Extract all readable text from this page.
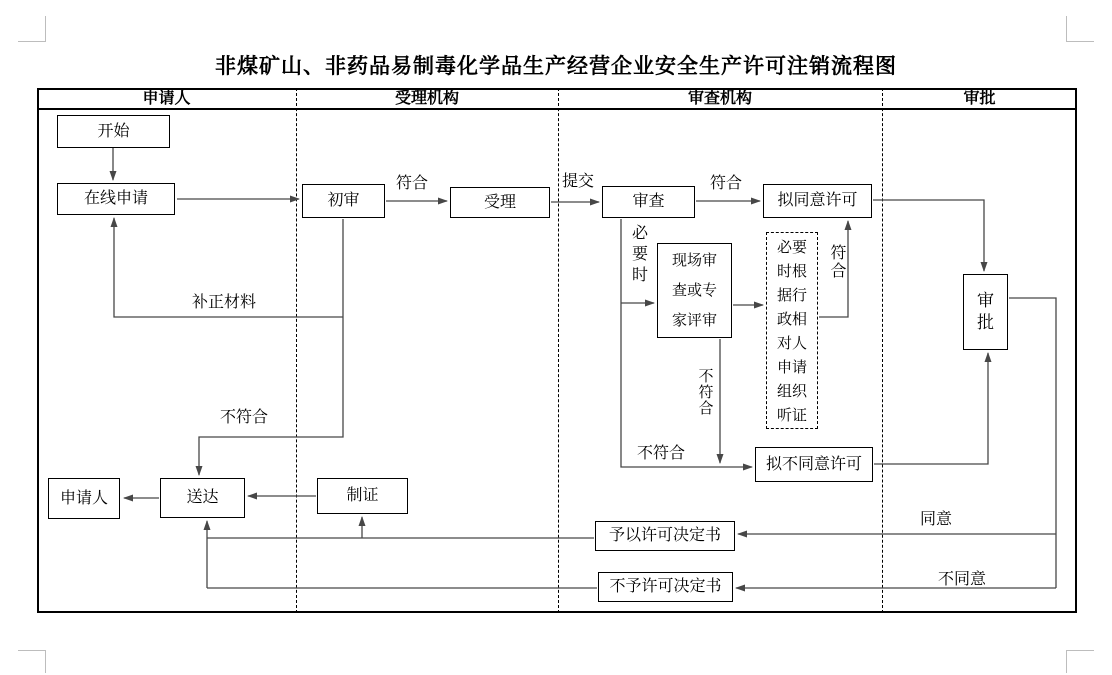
非煤矿山、非药品易制毒化学品生产经营企业安全生产许可注销流程图
申请人	受理机构	审查机构	审批
开始
在线申请	初审	受理	审查	拟同意许可
现场审查或专家评审
必要时根据行政相对人申请组织听证
审批
拟不同意许可
申请人	送达	制证
予以许可决定书
不予许可决定书
符合	提交	符合
必要时
符合
补正材料
不符合
不符合
不符合
同意
不同意
